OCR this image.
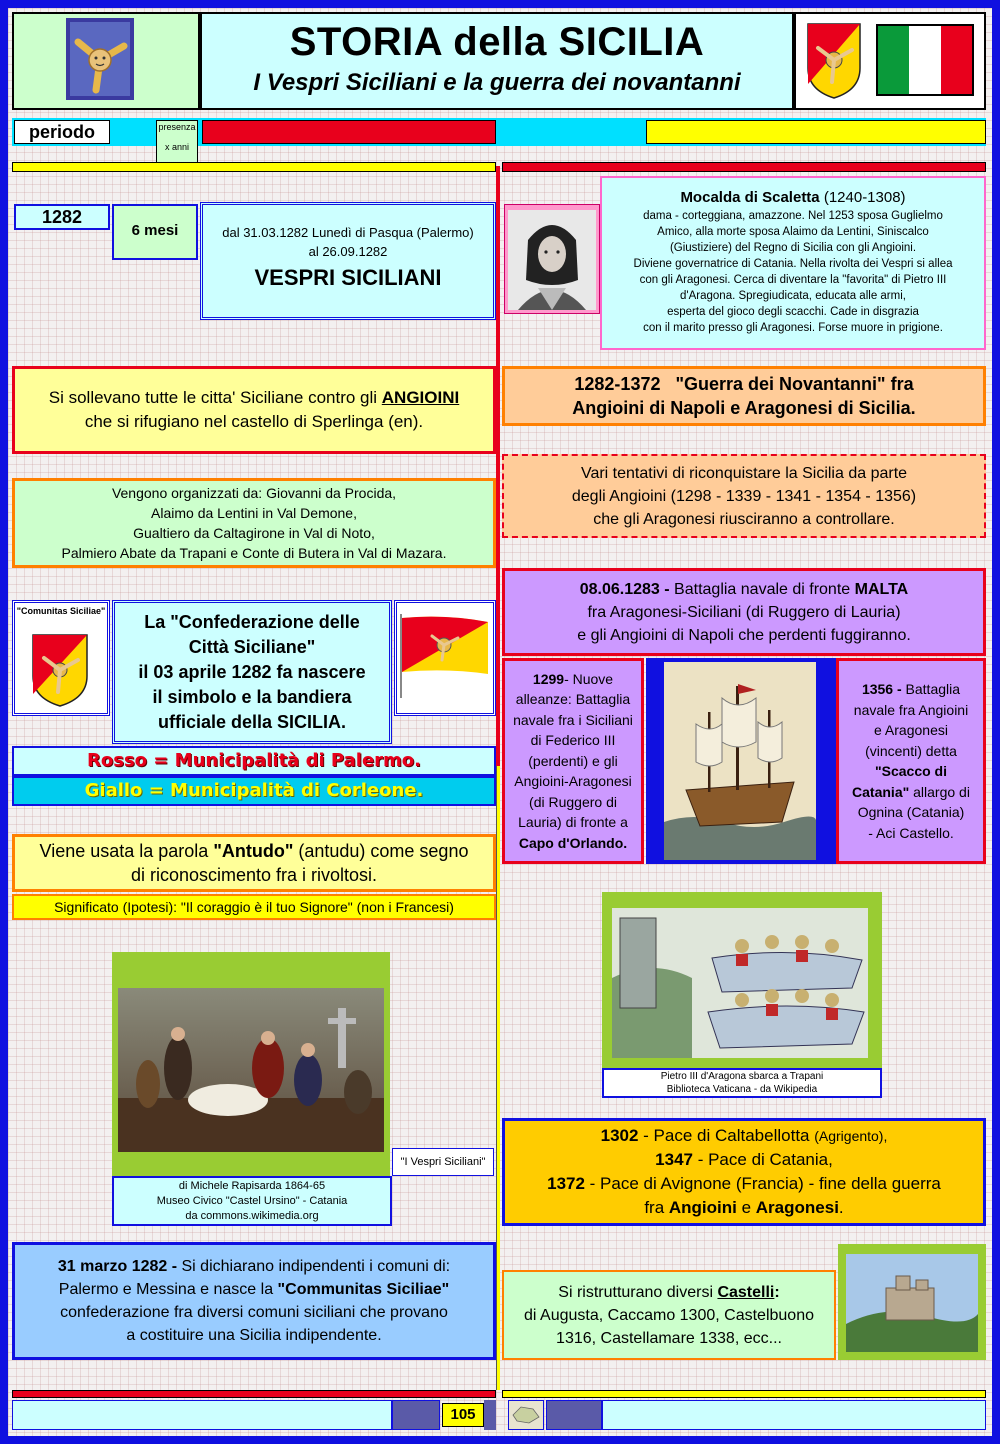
STORIA della SICILIA
I Vespri Siciliani e la guerra dei novantanni
periodo	presenza
x anni
1282
6 mesi	dal 31.03.1282 Lunedì di Pasqua (Palermo)
al 26.09.1282
VESPRI SICILIANI
Si sollevano tutte le citta' Siciliane contro gli ANGIOINI
che si rifugiano nel castello di Sperlinga (en).
Vengono organizzati da: Giovanni da Procida,
Alaimo da Lentini in Val Demone,
Gualtiero da Caltagirone in Val di Noto,
Palmiero Abate da Trapani e Conte di Butera in Val di Mazara.
"Comunitas Siciliae"
La "Confederazione delle
Città Siciliane"
il 03 aprile 1282 fa nascere
il simbolo e la bandiera
ufficiale della SICILIA.
Rosso = Municipalità di Palermo.
Giallo = Municipalità di Corleone.
Viene usata la parola "Antudo" (antudu) come segno
di riconoscimento fra i rivoltosi.
Significato (Ipotesi): "Il coraggio è il tuo Signore" (non i Francesi)
"I Vespri Siciliani"
di Michele Rapisarda 1864-65
Museo Civico "Castel Ursino" - Catania
da commons.wikimedia.org
31 marzo 1282 - Si dichiarano indipendenti i comuni di:
Palermo e Messina e nasce la "Communitas Siciliae"
confederazione fra diversi comuni siciliani che provano
a costituire una Sicilia indipendente.
Mocalda di Scaletta (1240-1308)
dama - corteggiana, amazzone. Nel 1253 sposa Guglielmo
Amico, alla morte sposa Alaimo da Lentini, Siniscalco
(Giustiziere) del Regno di Sicilia con gli Angioini.
Diviene governatrice di Catania. Nella rivolta dei Vespri si allea
con gli Aragonesi. Cerca di diventare la "favorita" di Pietro III
d'Aragona. Spregiudicata, educata alle armi,
esperta del gioco degli scacchi. Cade in disgrazia
con il marito presso gli Aragonesi. Forse muore in prigione.
1282-1372   "Guerra dei Novantanni" fra
Angioini di Napoli e Aragonesi di Sicilia.
Vari tentativi di riconquistare la Sicilia da parte
degli Angioini (1298 - 1339 - 1341 - 1354 - 1356)
che gli Aragonesi riusciranno a controllare.
08.06.1283 - Battaglia navale di fronte MALTA
fra Aragonesi-Siciliani (di Ruggero di Lauria)
e gli Angioini di Napoli che perdenti fuggiranno.
1299- Nuove
alleanze: Battaglia
navale fra i Siciliani
di Federico III
(perdenti) e gli
Angioini-Aragonesi
(di Ruggero di
Lauria) di fronte a
Capo d'Orlando.
1356 - Battaglia
navale fra Angioini
e Aragonesi
(vincenti) detta
"Scacco di
Catania" allargo di
Ognina (Catania)
- Aci Castello.
Pietro III d'Aragona sbarca a Trapani
Biblioteca Vaticana - da Wikipedia
1302 - Pace di Caltabellotta (Agrigento),
1347 - Pace di Catania,
1372 - Pace di Avignone (Francia) - fine della guerra
fra Angioini e Aragonesi.
Si ristrutturano diversi Castelli:
di Augusta, Caccamo 1300, Castelbuono
1316, Castellamare 1338, ecc...
105
